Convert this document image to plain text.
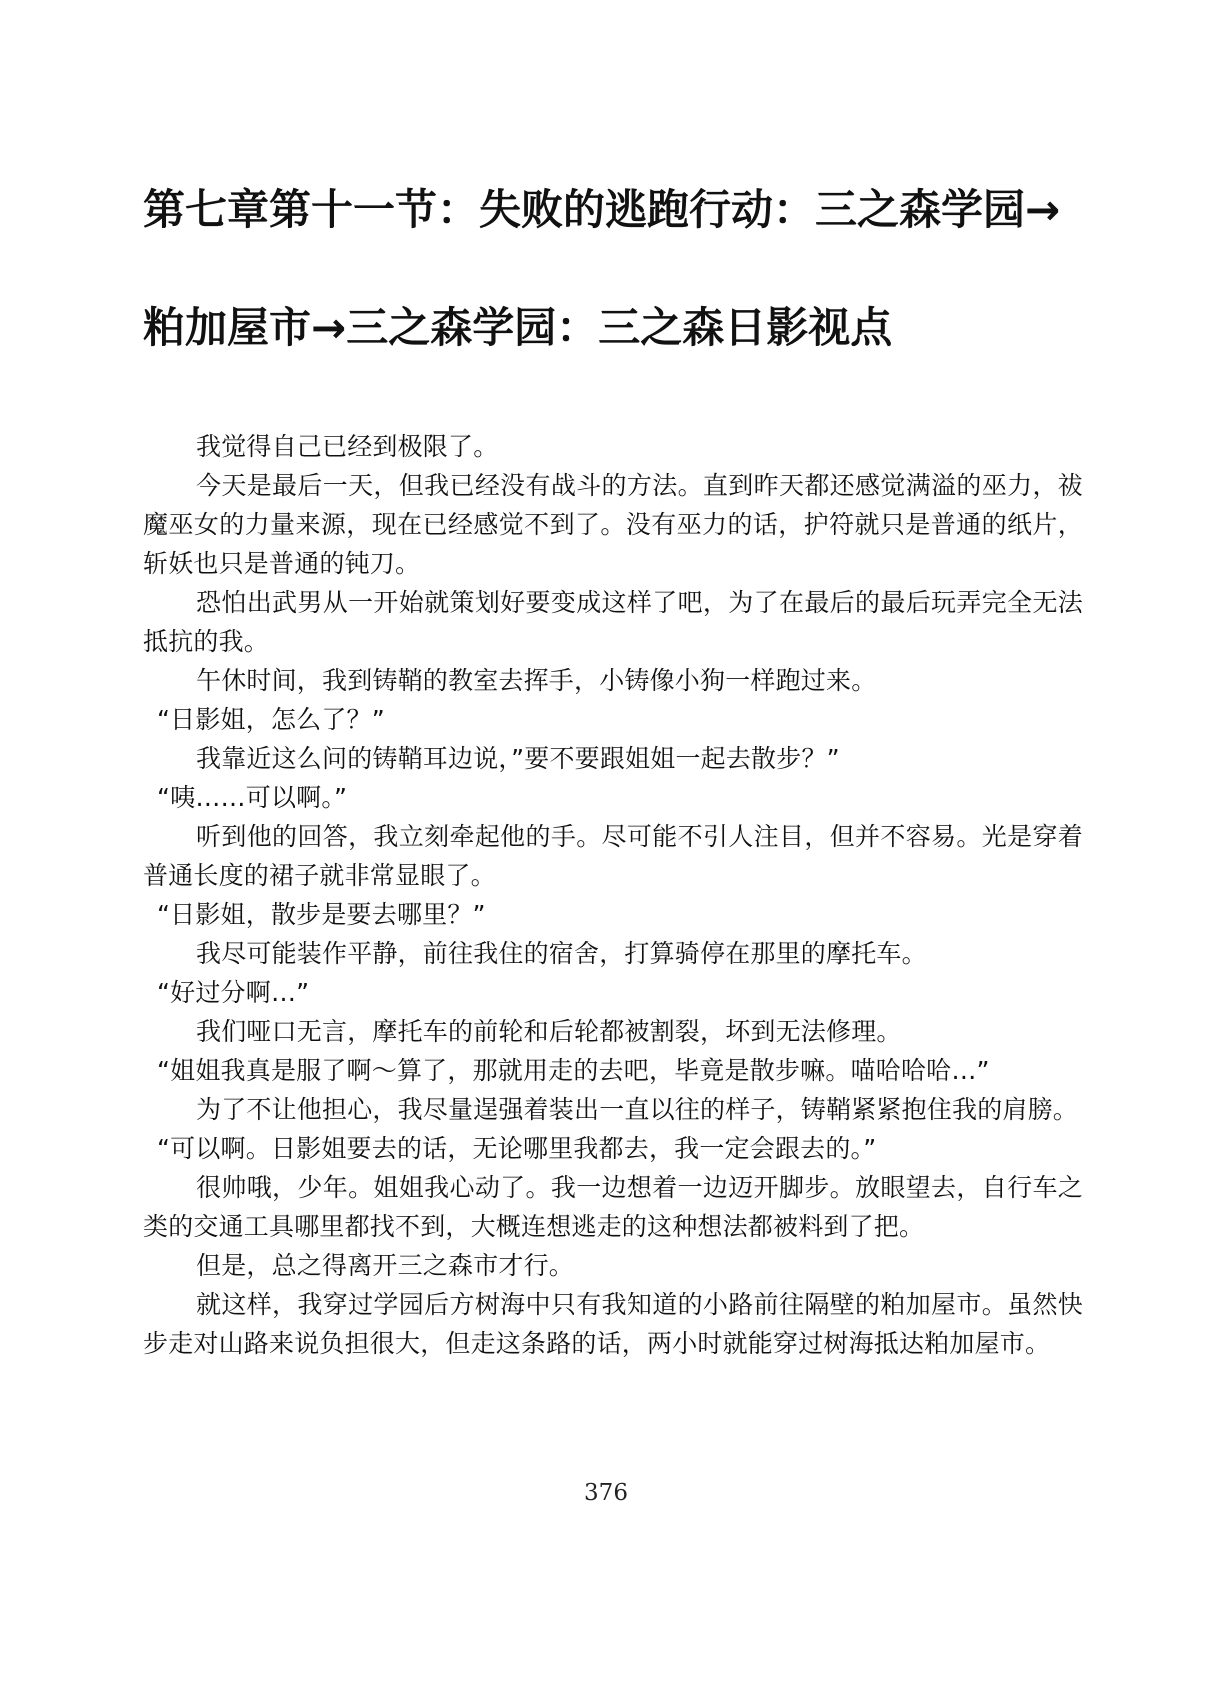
第七章第十一节：失败的逃跑行动：三之森学园→
粕加屋市→三之森学园：三之森日影视点

我觉得自己已经到极限了。

今天是最后一天，但我已经没有战斗的方法。直到昨天都还感觉满溢的巫力，祓魔巫女的力量来源，现在已经感觉不到了。没有巫力的话，护符就只是普通的纸片，斩妖也只是普通的钝刀。

恐怕出武男从一开始就策划好要变成这样了吧，为了在最后的最后玩弄完全无法抵抗的我。

午休时间，我到铸鞘的教室去挥手，小铸像小狗一样跑过来。

“日影姐，怎么了？”

我靠近这么问的铸鞘耳边说，”要不要跟姐姐一起去散步？”

“咦……可以啊。”

听到他的回答，我立刻牵起他的手。尽可能不引人注目，但并不容易。光是穿着普通长度的裙子就非常显眼了。

“日影姐，散步是要去哪里？”

我尽可能装作平静，前往我住的宿舍，打算骑停在那里的摩托车。

“好过分啊…”

我们哑口无言，摩托车的前轮和后轮都被割裂，坏到无法修理。

“姐姐我真是服了啊～算了，那就用走的去吧，毕竟是散步嘛。喵哈哈哈…”

为了不让他担心，我尽量逞强着装出一直以往的样子，铸鞘紧紧抱住我的肩膀。

“可以啊。日影姐要去的话，无论哪里我都去，我一定会跟去的。”

很帅哦，少年。姐姐我心动了。我一边想着一边迈开脚步。放眼望去，自行车之类的交通工具哪里都找不到，大概连想逃走的这种想法都被料到了把。

但是，总之得离开三之森市才行。

就这样，我穿过学园后方树海中只有我知道的小路前往隔壁的粕加屋市。虽然快步走对山路来说负担很大，但走这条路的话，两小时就能穿过树海抵达粕加屋市。

376
